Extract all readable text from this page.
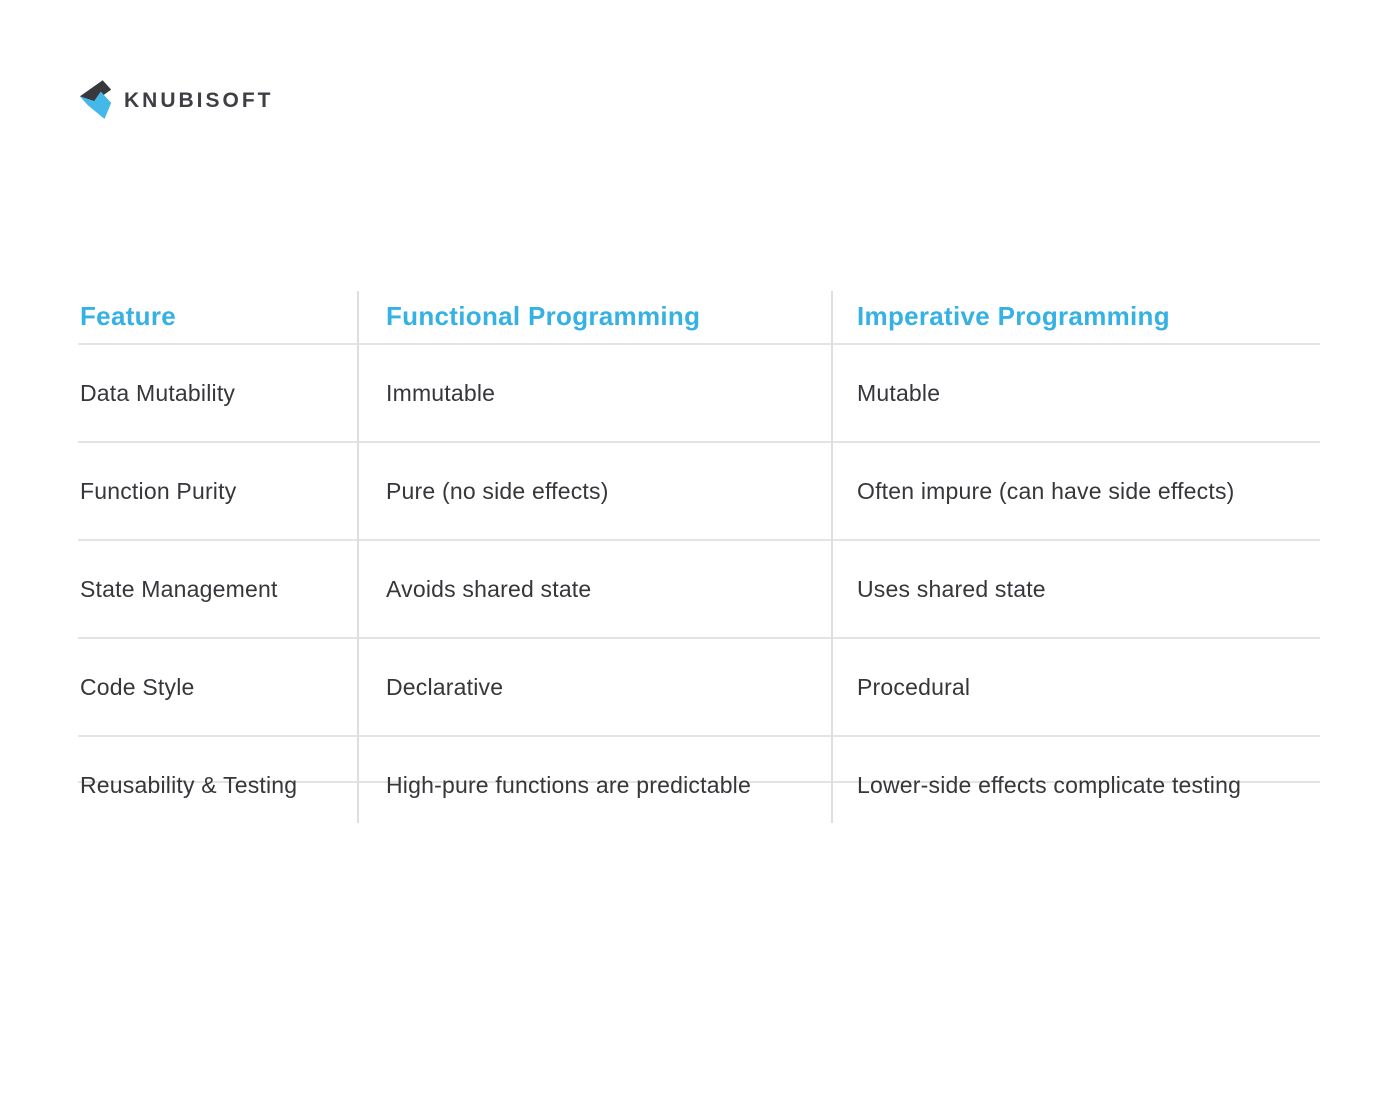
KNUBISOFT
Feature	Functional Programming	Imperative Programming
Data Mutability	Immutable	Mutable
Function Purity	Pure (no side effects)	Often impure (can have side effects)
State Management	Avoids shared state	Uses shared state
Code Style	Declarative	Procedural
Reusability & Testing	High-pure functions are predictable	Lower-side effects complicate testing
